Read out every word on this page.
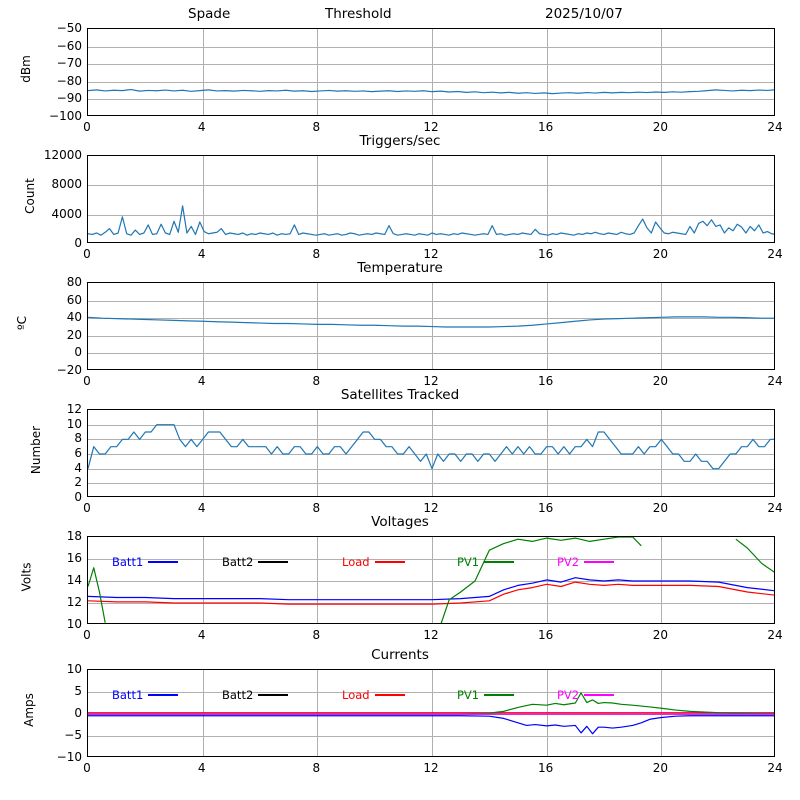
Spade	Threshold	2025/10/07
−100
−90
−80
−70
−60
−50
0	4	8	12	16	20	24
dBm
Triggers/sec
0
4000
8000
12000
0	4	8	12	16	20	24
Count
Temperature
−20
0
20
40
60
80
0	4	8	12	16	20	24
ºC
Satellites Tracked
0
2
4
6
8
10
12
0	4	8	12	16	20	24
Number
Voltages
10
12
14
16
18
0	4	8	12	16	20	24
Volts
Batt1	Batt2	Load	PV1	PV2
Currents
−10
−5
0
5
10
0	4	8	12	16	20	24
Amps	Batt1	Batt2	Load	PV1	PV2
